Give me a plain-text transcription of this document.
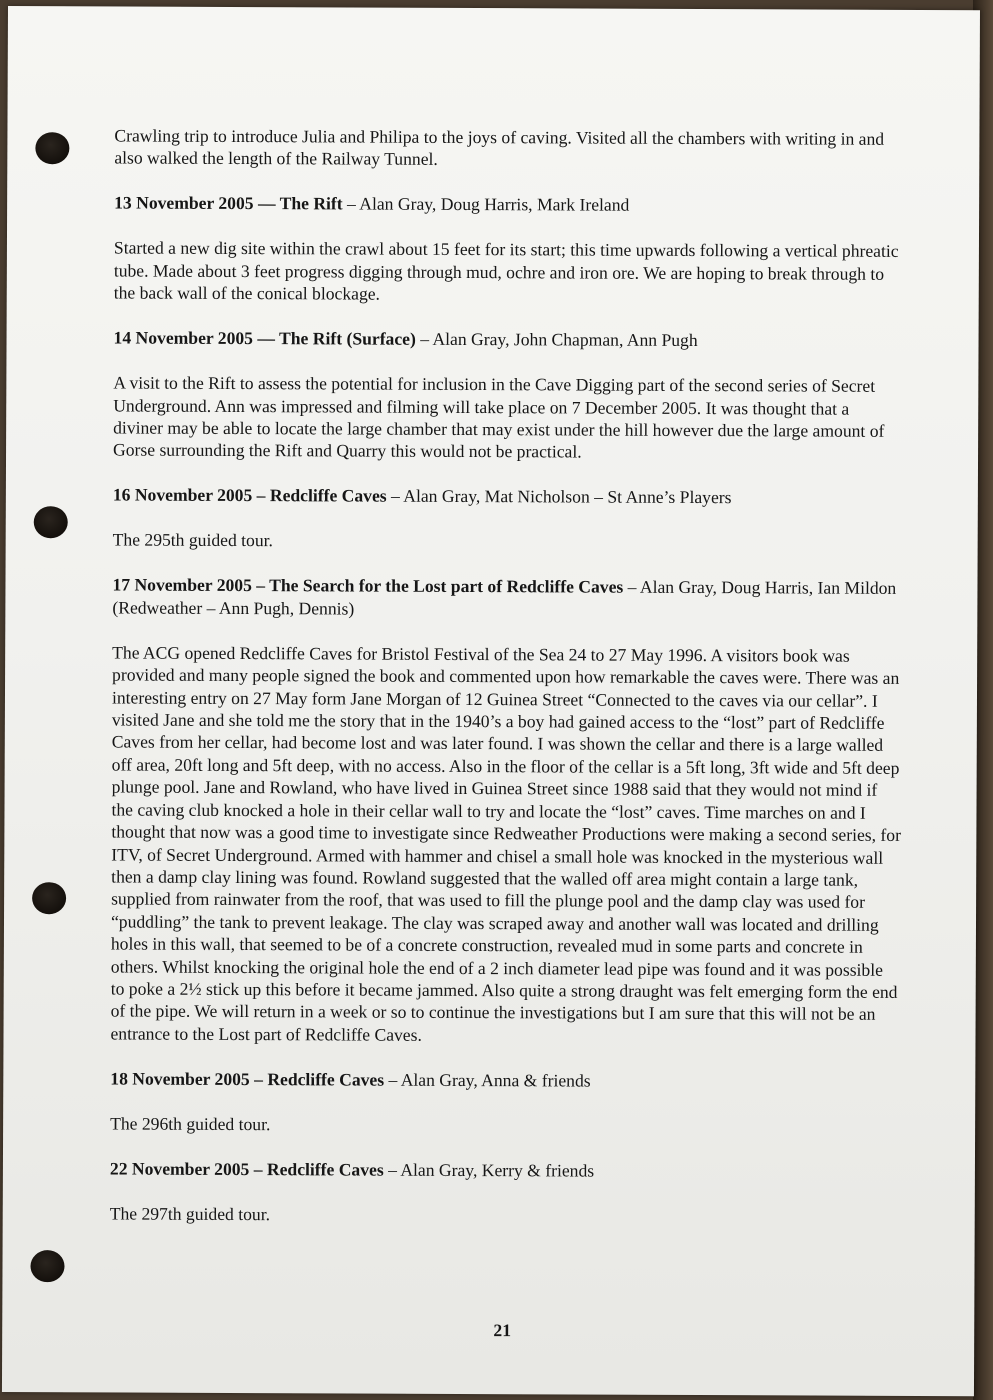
Crawling trip to introduce Julia and Philipa to the joys of caving. Visited all the chambers with writing in and also walked the length of the Railway Tunnel.

13 November 2005 — The Rift – Alan Gray, Doug Harris, Mark Ireland

Started a new dig site within the crawl about 15 feet for its start; this time upwards following a vertical phreatic tube. Made about 3 feet progress digging through mud, ochre and iron ore. We are hoping to break through to the back wall of the conical blockage.

14 November 2005 — The Rift (Surface) – Alan Gray, John Chapman, Ann Pugh

A visit to the Rift to assess the potential for inclusion in the Cave Digging part of the second series of Secret Underground. Ann was impressed and filming will take place on 7 December 2005. It was thought that a diviner may be able to locate the large chamber that may exist under the hill however due the large amount of Gorse surrounding the Rift and Quarry this would not be practical.

16 November 2005 – Redcliffe Caves – Alan Gray, Mat Nicholson – St Anne’s Players

The 295th guided tour.

17 November 2005 – The Search for the Lost part of Redcliffe Caves – Alan Gray, Doug Harris, Ian Mildon (Redweather – Ann Pugh, Dennis)

The ACG opened Redcliffe Caves for Bristol Festival of the Sea 24 to 27 May 1996. A visitors book was provided and many people signed the book and commented upon how remarkable the caves were. There was an interesting entry on 27 May form Jane Morgan of 12 Guinea Street “Connected to the caves via our cellar”. I visited Jane and she told me the story that in the 1940’s a boy had gained access to the “lost” part of Redcliffe Caves from her cellar, had become lost and was later found. I was shown the cellar and there is a large walled off area, 20ft long and 5ft deep, with no access. Also in the floor of the cellar is a 5ft long, 3ft wide and 5ft deep plunge pool. Jane and Rowland, who have lived in Guinea Street since 1988 said that they would not mind if the caving club knocked a hole in their cellar wall to try and locate the “lost” caves. Time marches on and I thought that now was a good time to investigate since Redweather Productions were making a second series, for ITV, of Secret Underground. Armed with hammer and chisel a small hole was knocked in the mysterious wall then a damp clay lining was found. Rowland suggested that the walled off area might contain a large tank, supplied from rainwater from the roof, that was used to fill the plunge pool and the damp clay was used for “puddling” the tank to prevent leakage. The clay was scraped away and another wall was located and drilling holes in this wall, that seemed to be of a concrete construction, revealed mud in some parts and concrete in others. Whilst knocking the original hole the end of a 2 inch diameter lead pipe was found and it was possible to poke a 2½ stick up this before it became jammed. Also quite a strong draught was felt emerging form the end of the pipe. We will return in a week or so to continue the investigations but I am sure that this will not be an entrance to the Lost part of Redcliffe Caves.

18 November 2005 – Redcliffe Caves – Alan Gray, Anna & friends

The 296th guided tour.

22 November 2005 – Redcliffe Caves – Alan Gray, Kerry & friends

The 297th guided tour.

21
